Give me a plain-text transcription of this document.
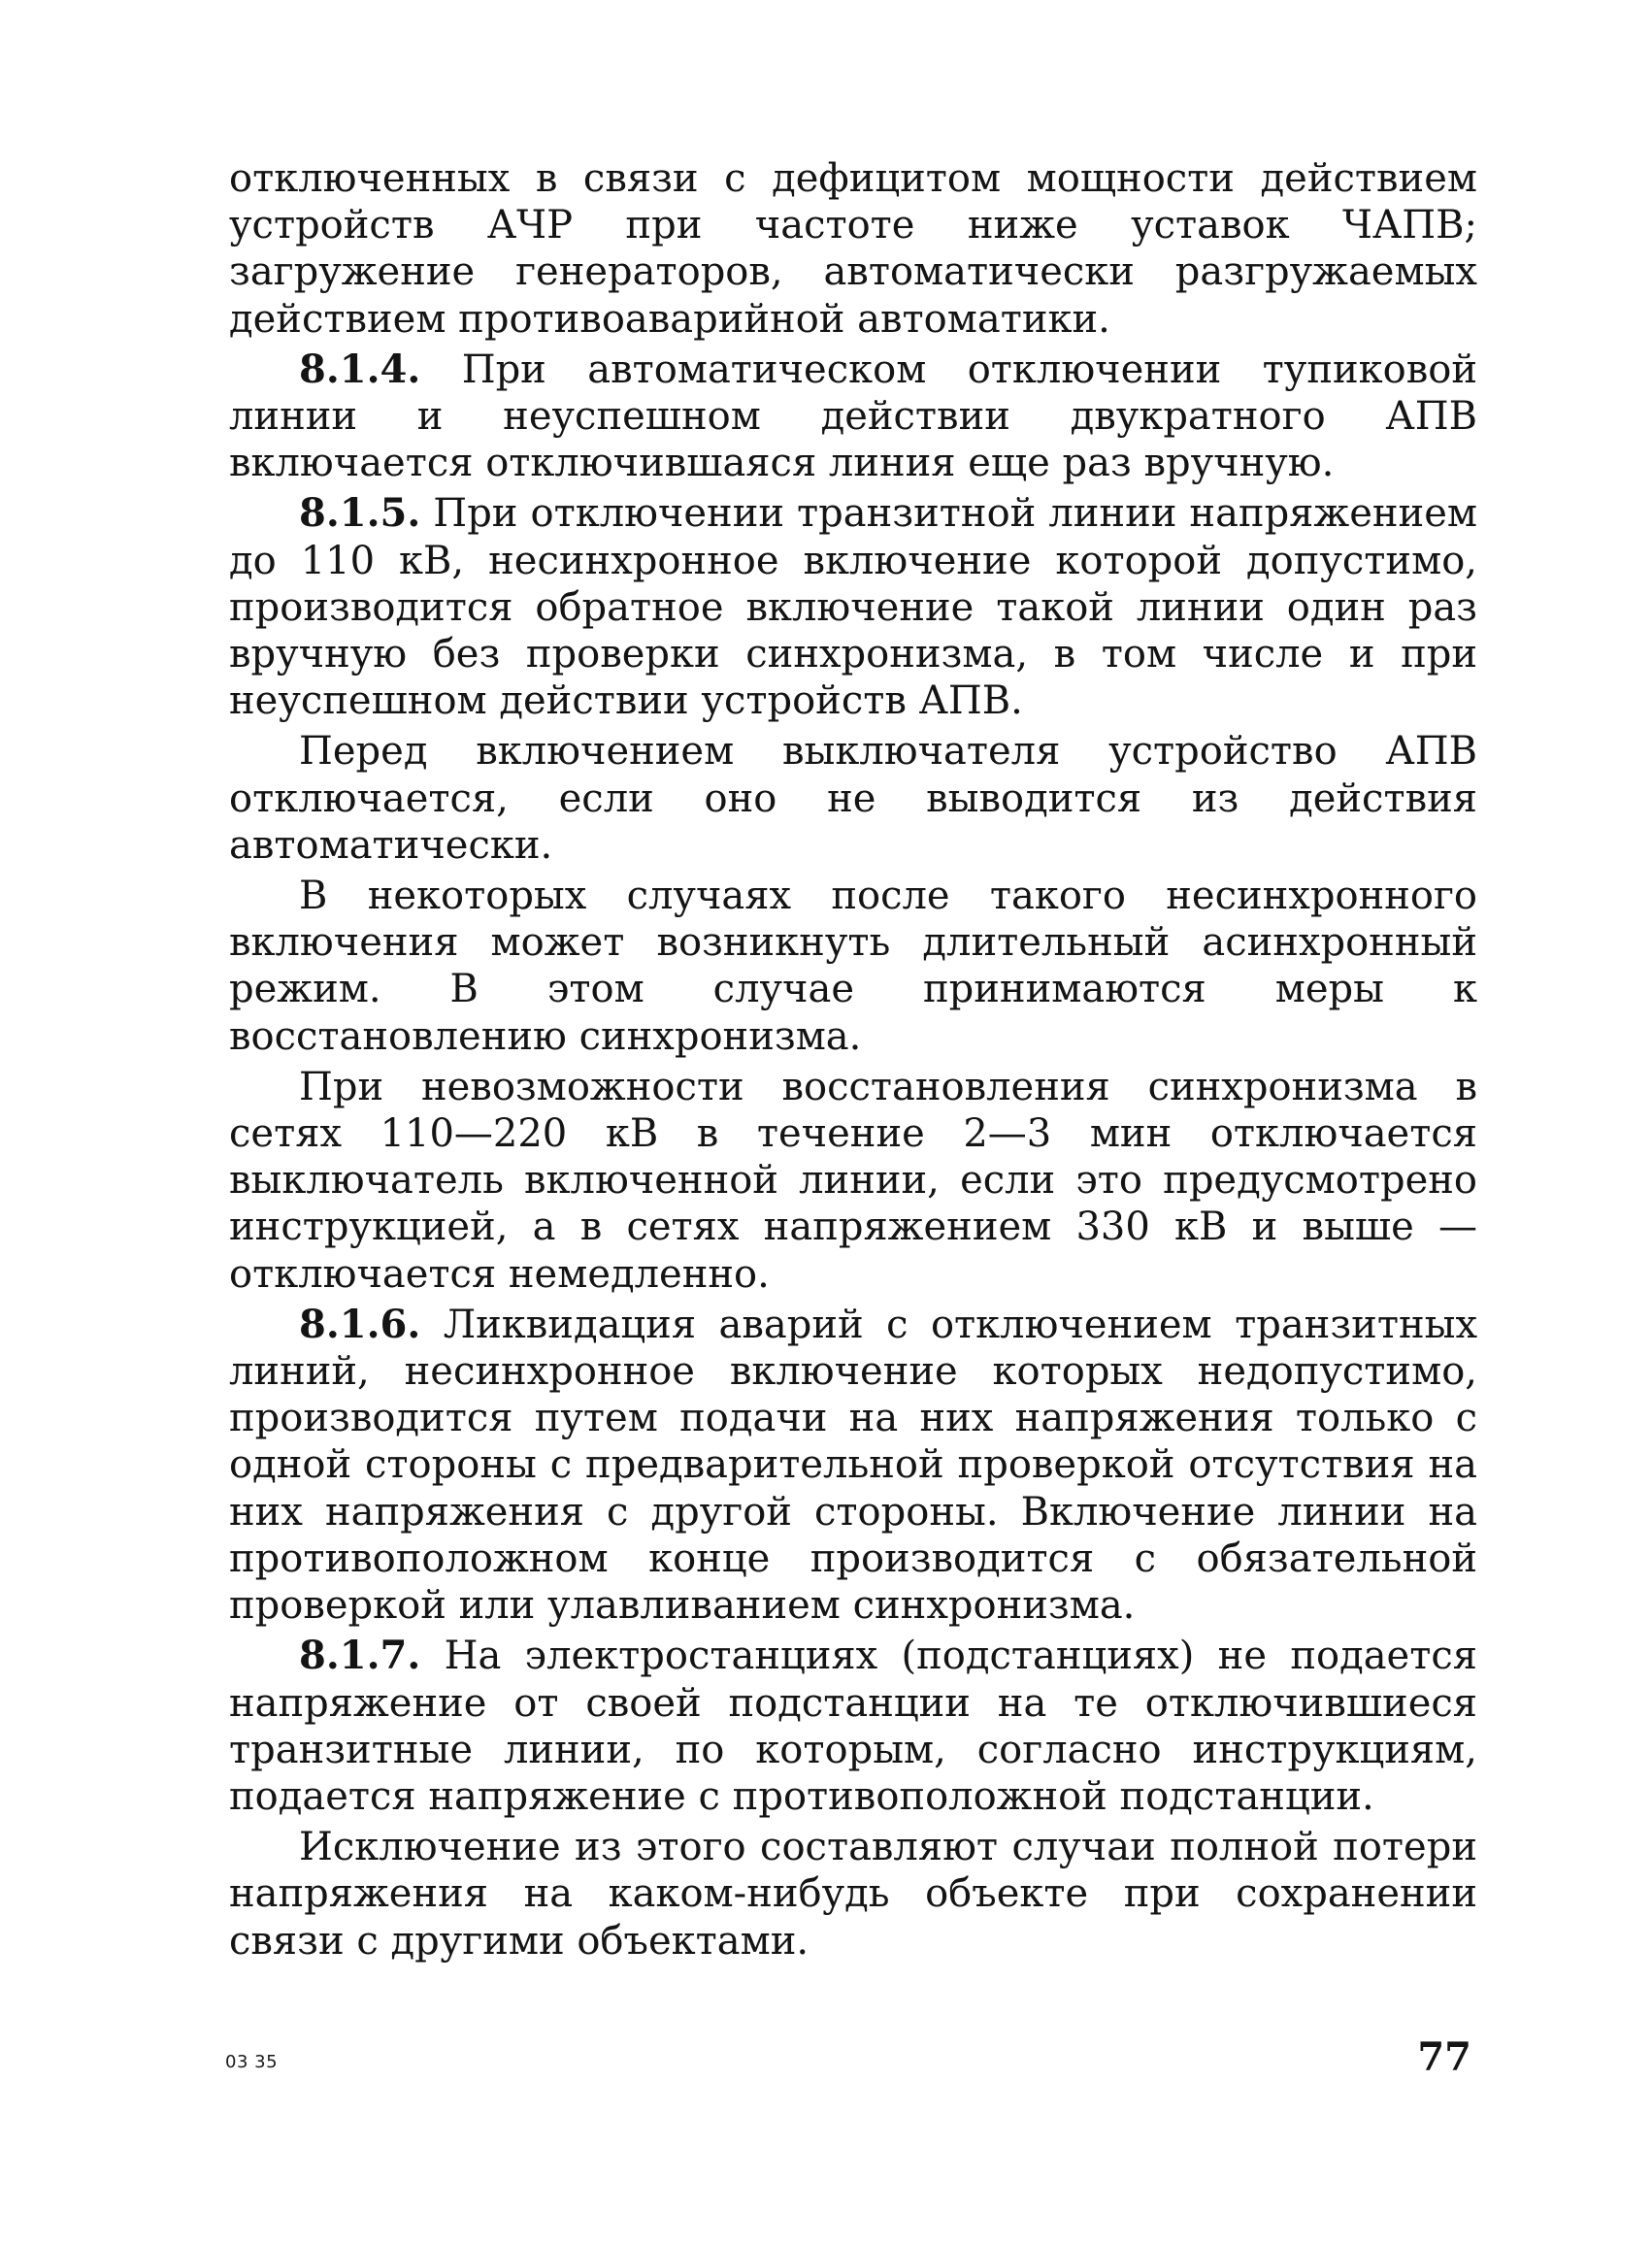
отключенных в связи с дефицитом мощности действием устройств АЧР при частоте ниже уставок ЧАПВ; загружение генераторов, автоматически разгружаемых действием противоаварийной автоматики.

8.1.4. При автоматическом отключении тупиковой линии и неуспешном действии двукратного АПВ включается отключившаяся линия еще раз вручную.

8.1.5. При отключении транзитной линии напряжением до 110 кВ, несинхронное включение которой допустимо, производится обратное включение такой линии один раз вручную без проверки синхронизма, в том числе и при неуспешном действии устройств АПВ.

Перед включением выключателя устройство АПВ отключается, если оно не выводится из действия автоматически.

В некоторых случаях после такого несинхронного включения может возникнуть длительный асинхронный режим. В этом случае принимаются меры к восстановлению синхронизма.

При невозможности восстановления синхронизма в сетях 110—220 кВ в течение 2—3 мин отключается выключатель включенной линии, если это предусмотрено инструкцией, а в сетях напряжением 330 кВ и выше — отключается немедленно.

8.1.6. Ликвидация аварий с отключением транзитных линий, несинхронное включение которых недопустимо, производится путем подачи на них напряжения только с одной стороны с предварительной проверкой отсутствия на них напряжения с другой стороны. Включение линии на противоположном конце производится с обязательной проверкой или улавливанием синхронизма.

8.1.7. На электростанциях (подстанциях) не подается напряжение от своей подстанции на те отключившиеся транзитные линии, по которым, согласно инструкциям, подается напряжение с противоположной подстанции.

Исключение из этого составляют случаи полной потери напряжения на каком-нибудь объекте при сохранении связи с другими объектами.

03 35	77
